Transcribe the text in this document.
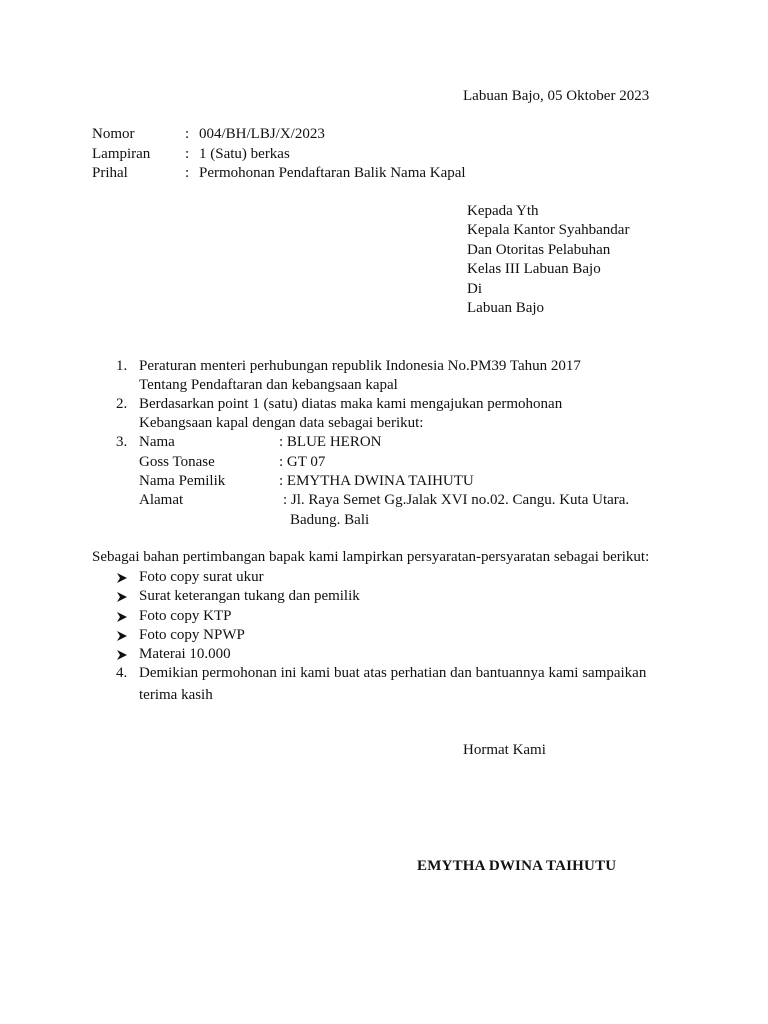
Labuan Bajo, 05 Oktober 2023
Nomor	: 004/BH/LBJ/X/2023
Lampiran : 1 (Satu) berkas
Prihal	: Permohonan Pendaftaran Balik Nama Kapal
Kepada Yth
Kepala Kantor Syahbandar
Dan Otoritas Pelabuhan
Kelas III Labuan Bajo
Di
Labuan Bajo
1. Peraturan menteri perhubungan republik Indonesia No.PM39 Tahun 2017
Tentang Pendaftaran dan kebangsaan kapal
2. Berdasarkan point 1 (satu) diatas maka kami mengajukan permohonan
Kebangsaan kapal dengan data sebagai berikut:
3. Nama	: BLUE HERON
Goss Tonase	: GT 07
Nama Pemilik	: EMYTHA DWINA TAIHUTU
Alamat	: Jl. Raya Semet Gg.Jalak XVI no.02. Cangu. Kuta Utara.
Badung. Bali
Sebagai bahan pertimbangan bapak kami lampirkan persyaratan-persyaratan sebagai berikut:
Foto copy surat ukur
Surat keterangan tukang dan pemilik
Foto copy KTP
Foto copy NPWP
Materai 10.000
4. Demikian permohonan ini kami buat atas perhatian dan bantuannya kami sampaikan
terima kasih
Hormat Kami
EMYTHA DWINA TAIHUTU
